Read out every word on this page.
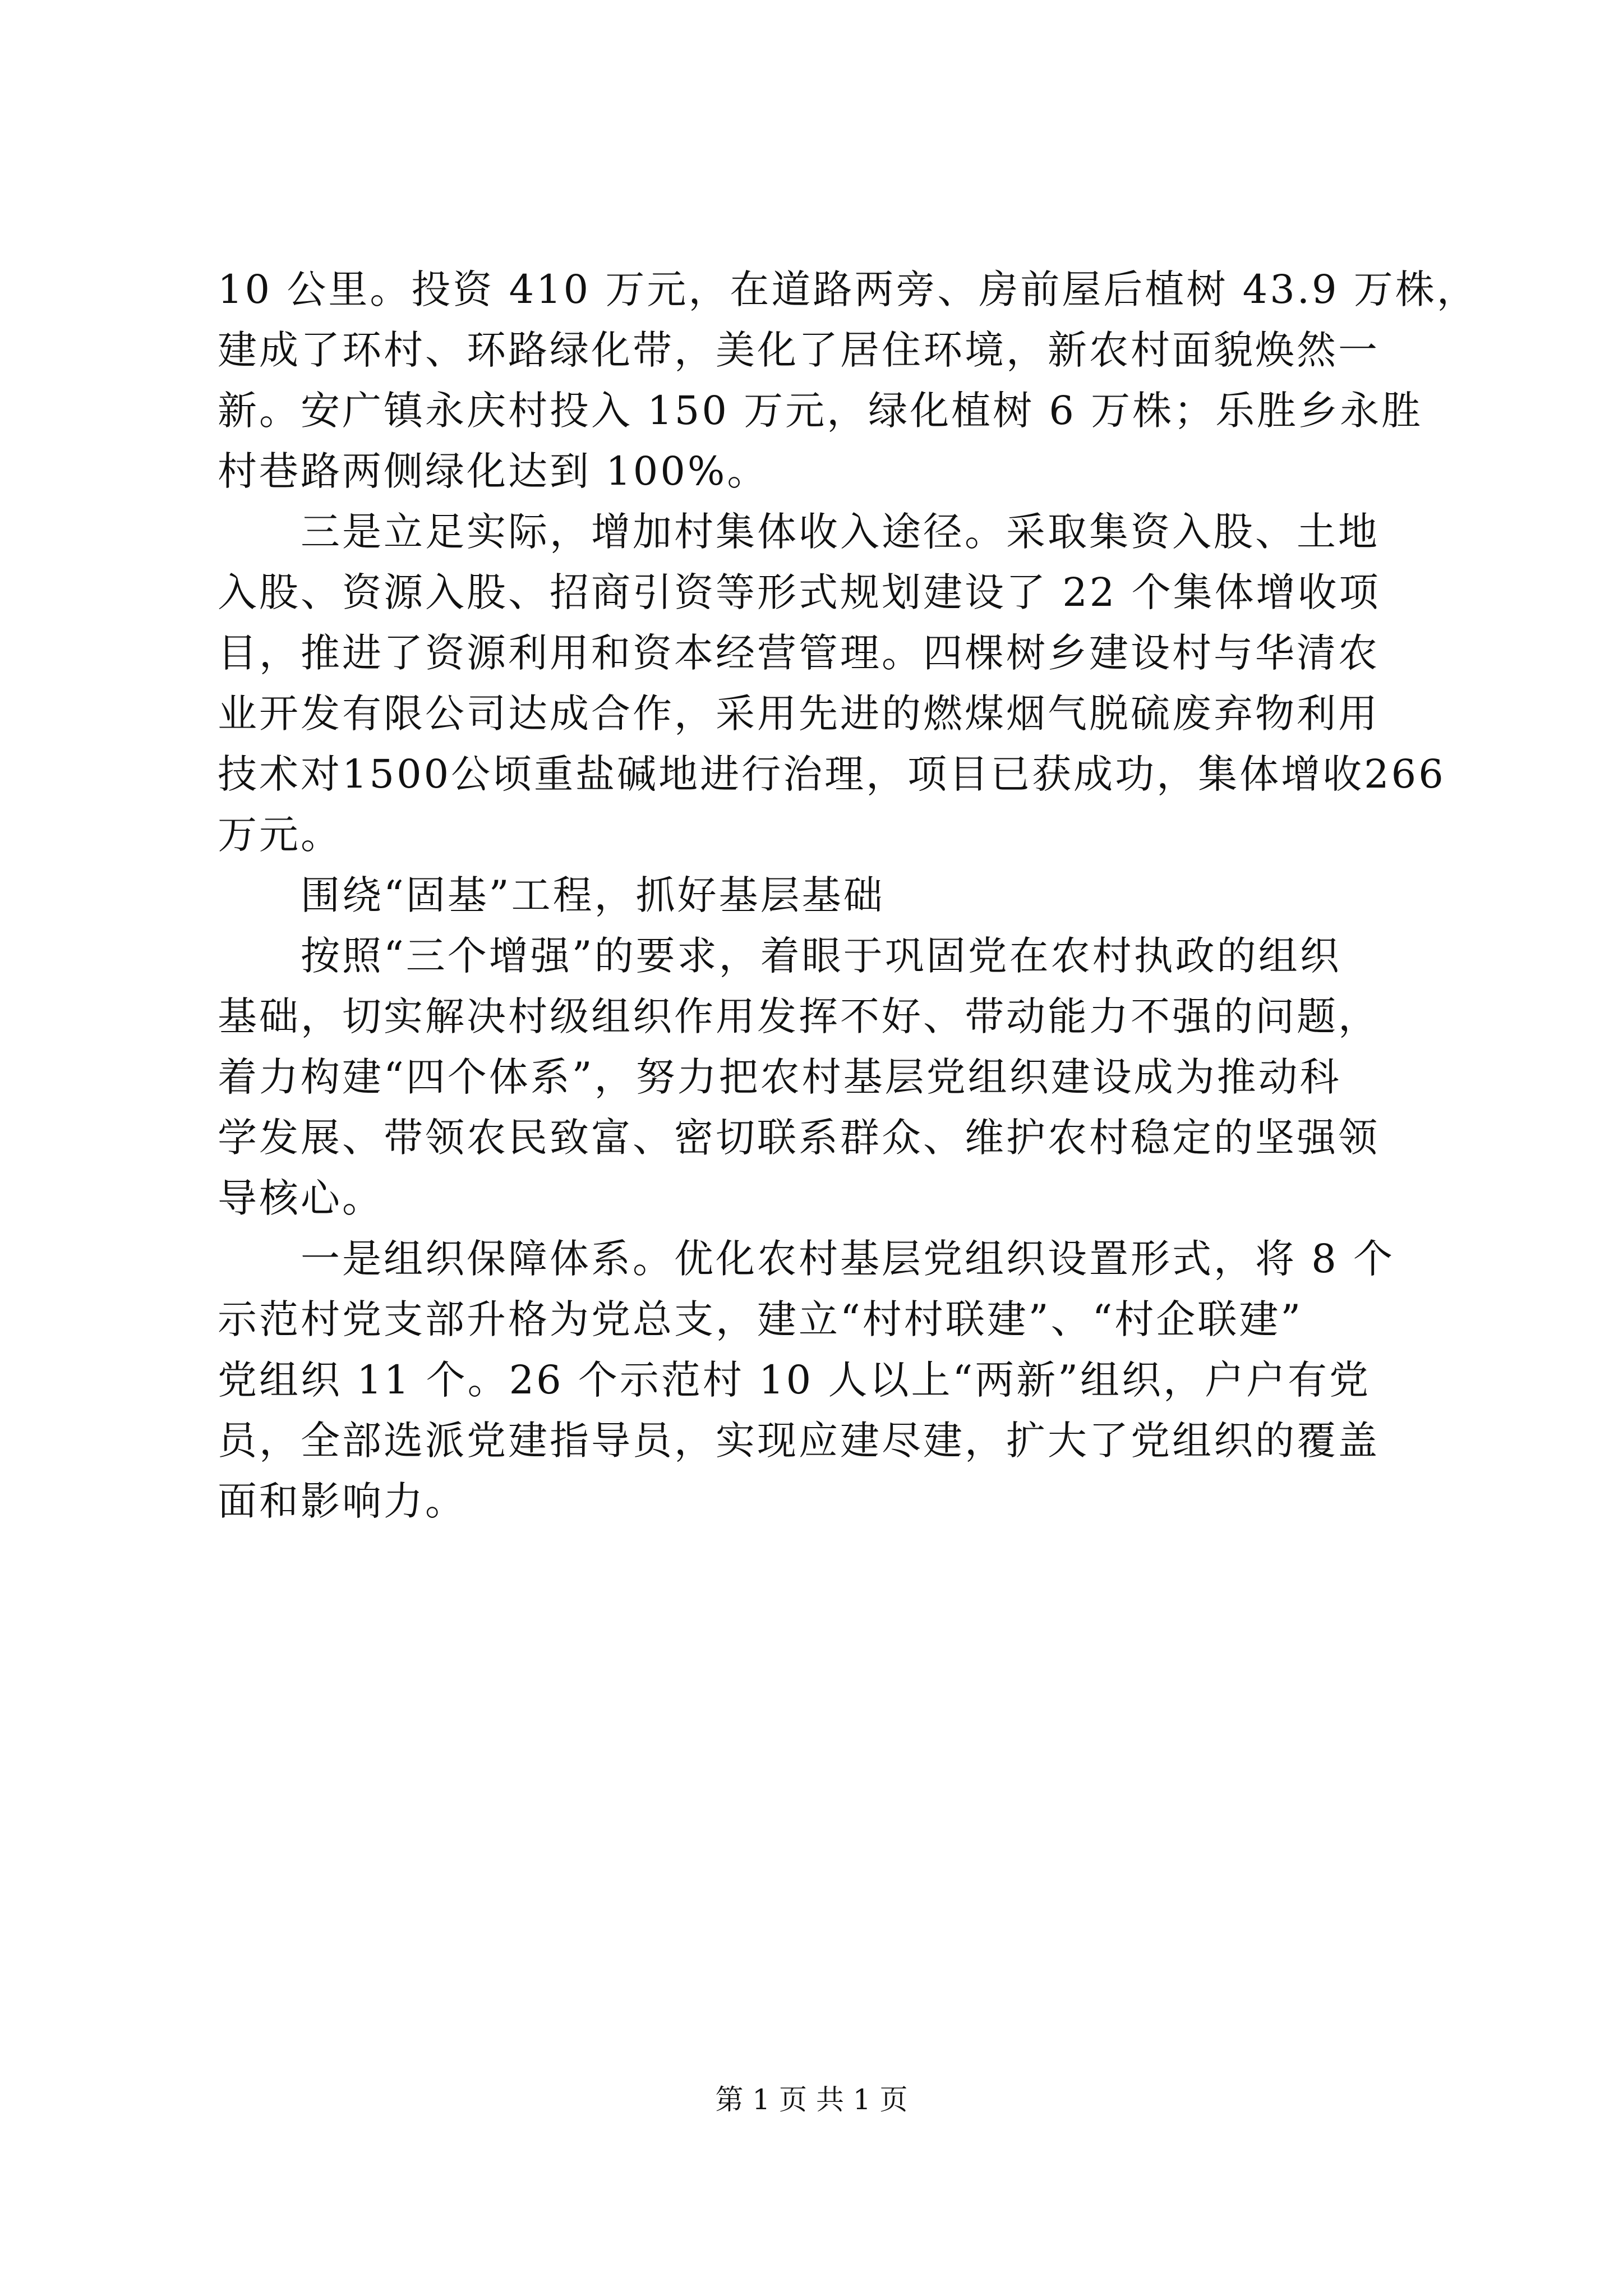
10 公里。投资 410 万元，在道路两旁、房前屋后植树 43.9 万株，
建成了环村、环路绿化带，美化了居住环境，新农村面貌焕然一
新。安广镇永庆村投入 150 万元，绿化植树 6 万株；乐胜乡永胜
村巷路两侧绿化达到 100%。
　　三是立足实际，增加村集体收入途径。采取集资入股、土地
入股、资源入股、招商引资等形式规划建设了 22 个集体增收项
目，推进了资源利用和资本经营管理。四棵树乡建设村与华清农
业开发有限公司达成合作，采用先进的燃煤烟气脱硫废弃物利用
技术对1500公顷重盐碱地进行治理，项目已获成功，集体增收266
万元。
　　围绕“固基”工程，抓好基层基础
　　按照“三个增强”的要求，着眼于巩固党在农村执政的组织
基础，切实解决村级组织作用发挥不好、带动能力不强的问题，
着力构建“四个体系”，努力把农村基层党组织建设成为推动科
学发展、带领农民致富、密切联系群众、维护农村稳定的坚强领
导核心。
　　一是组织保障体系。优化农村基层党组织设置形式，将 8 个
示范村党支部升格为党总支，建立“村村联建”、“村企联建”
党组织 11 个。26 个示范村 10 人以上“两新”组织，户户有党
员，全部选派党建指导员，实现应建尽建，扩大了党组织的覆盖
面和影响力。
第 1 页 共 1 页
